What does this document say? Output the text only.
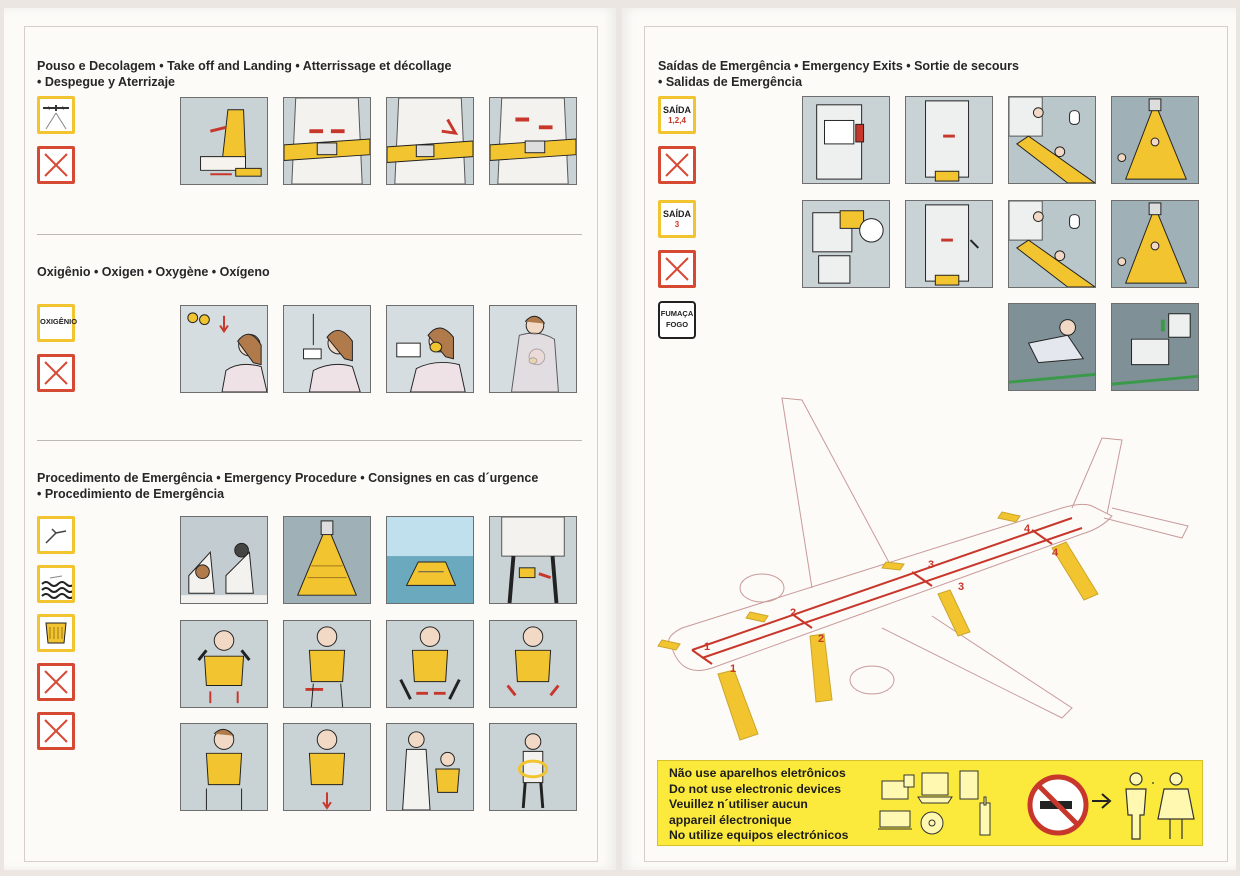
Pouso e Decolagem • Take off and Landing • Atterrissage et décollage
• Despegue y Aterrizaje
Oxigênio • Oxigen • Oxygène • Oxígeno
OXIGÊNIO
Procedimento de Emergência • Emergency Procedure • Consignes en cas d´urgence
• Procedimiento de Emergência
Saídas de Emergência • Emergency Exits • Sortie de secours
• Salidas de Emergência
SAÍDA
1,2,4
SAÍDA
3
FUMAÇA
FOGO
1
1
2
2
3
3
4
4
Não use aparelhos eletrônicos
Do not use electronic devices
Veuillez n´utiliser aucun
appareil électronique
No utilize equipos electrónicos
